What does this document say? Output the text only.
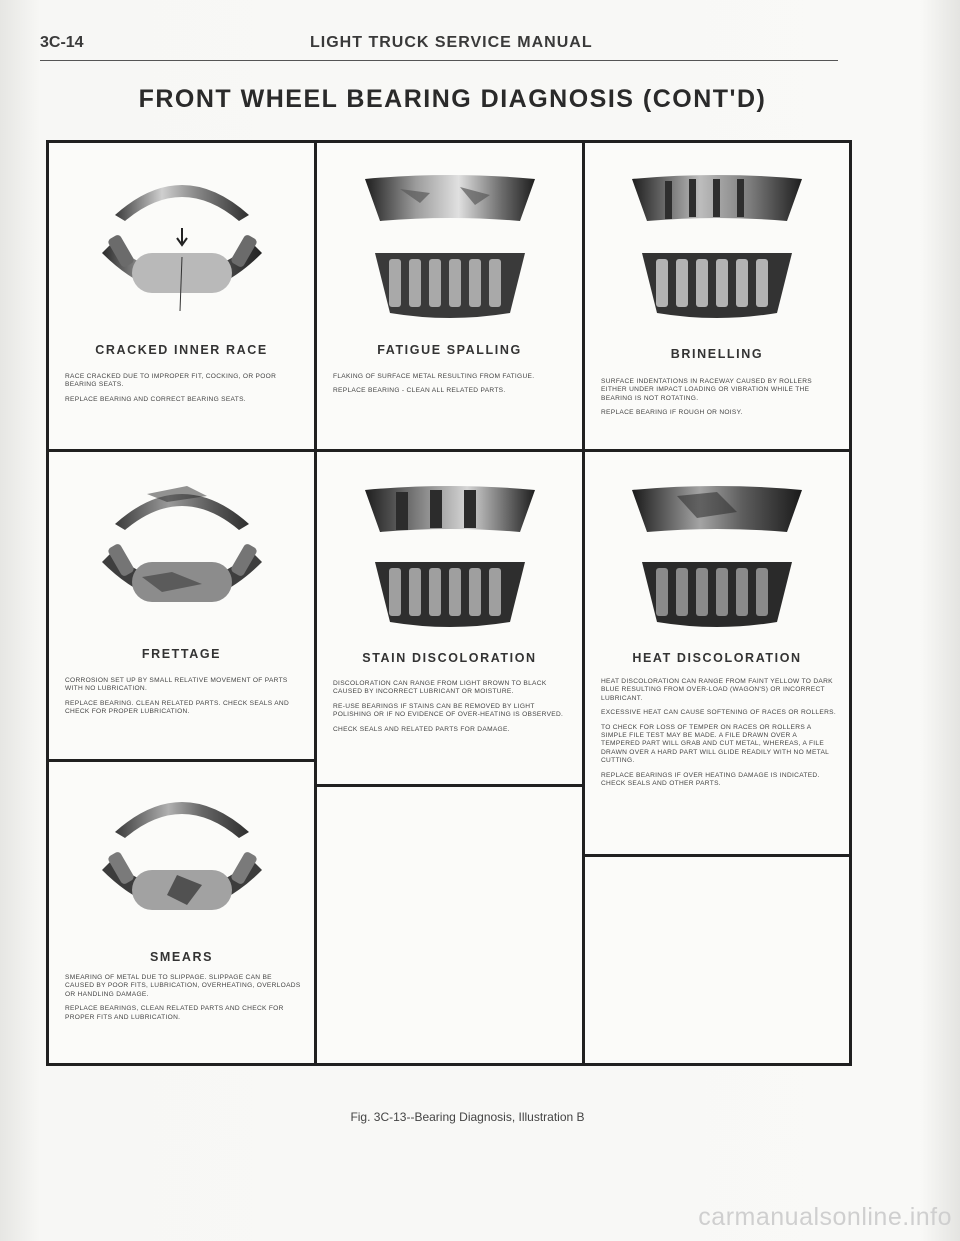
3C-14	LIGHT TRUCK SERVICE MANUAL
FRONT WHEEL BEARING DIAGNOSIS (CONT'D)
CRACKED INNER RACE

RACE CRACKED DUE TO IMPROPER FIT, COCKING, OR POOR BEARING SEATS.

REPLACE BEARING AND CORRECT BEARING SEATS.

FATIGUE SPALLING

FLAKING OF SURFACE METAL RESULTING FROM FATIGUE.

REPLACE BEARING - CLEAN ALL RELATED PARTS.

BRINELLING

SURFACE INDENTATIONS IN RACEWAY CAUSED BY ROLLERS EITHER UNDER IMPACT LOADING OR VIBRATION WHILE THE BEARING IS NOT ROTATING.

REPLACE BEARING IF ROUGH OR NOISY.

FRETTAGE

CORROSION SET UP BY SMALL RELATIVE MOVEMENT OF PARTS WITH NO LUBRICATION.

REPLACE BEARING. CLEAN RELATED PARTS. CHECK SEALS AND CHECK FOR PROPER LUBRICATION.

STAIN DISCOLORATION

DISCOLORATION CAN RANGE FROM LIGHT BROWN TO BLACK CAUSED BY INCORRECT LUBRICANT OR MOISTURE.

RE-USE BEARINGS IF STAINS CAN BE REMOVED BY LIGHT POLISHING OR IF NO EVIDENCE OF OVER-HEATING IS OBSERVED.

CHECK SEALS AND RELATED PARTS FOR DAMAGE.

HEAT DISCOLORATION

HEAT DISCOLORATION CAN RANGE FROM FAINT YELLOW TO DARK BLUE RESULTING FROM OVER-LOAD (WAGON'S) OR INCORRECT LUBRICANT.

EXCESSIVE HEAT CAN CAUSE SOFTENING OF RACES OR ROLLERS.

TO CHECK FOR LOSS OF TEMPER ON RACES OR ROLLERS A SIMPLE FILE TEST MAY BE MADE. A FILE DRAWN OVER A TEMPERED PART WILL GRAB AND CUT METAL, WHEREAS, A FILE DRAWN OVER A HARD PART WILL GLIDE READILY WITH NO METAL CUTTING.

REPLACE BEARINGS IF OVER HEATING DAMAGE IS INDICATED. CHECK SEALS AND OTHER PARTS.

SMEARS

SMEARING OF METAL DUE TO SLIPPAGE. SLIPPAGE CAN BE CAUSED BY POOR FITS, LUBRICATION, OVERHEATING, OVERLOADS OR HANDLING DAMAGE.

REPLACE BEARINGS, CLEAN RELATED PARTS AND CHECK FOR PROPER FITS AND LUBRICATION.

Fig. 3C-13--Bearing Diagnosis, Illustration B
carmanualsonline.info
